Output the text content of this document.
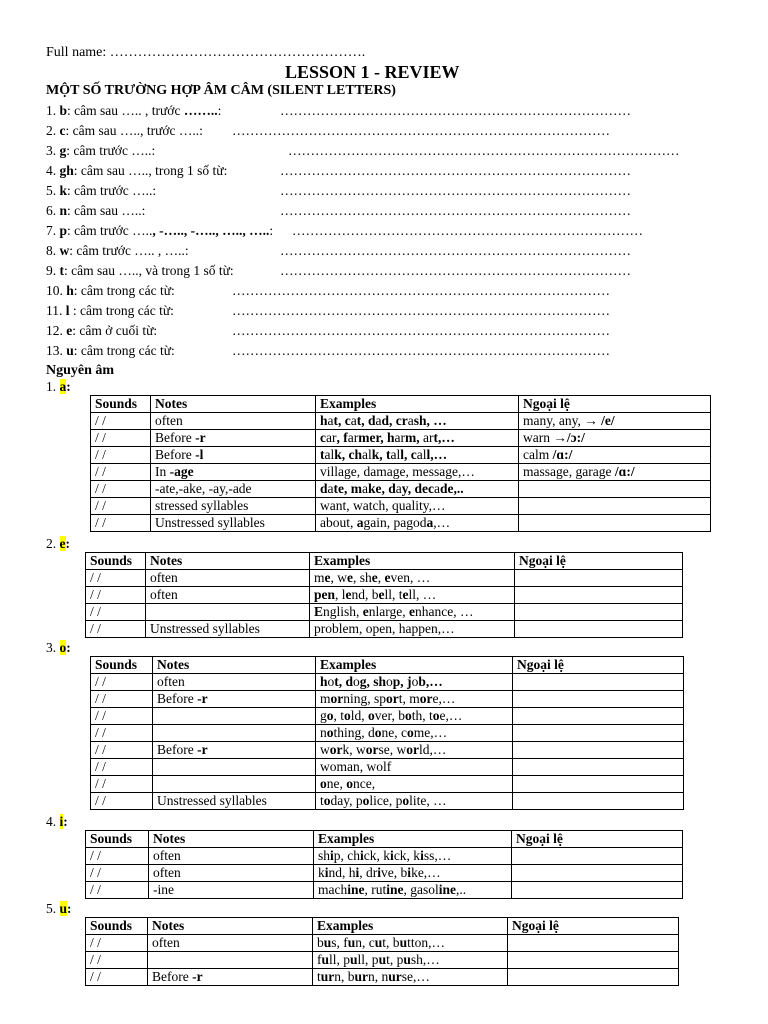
Full name: ……………………………………………….
LESSON 1 - REVIEW
MỘT SỐ TRƯỜNG HỢP ÂM CÂM (SILENT LETTERS)
1. b: câm sau ….. , trước ……..:	……………………………………………………………………
2. c: câm sau ….., trước …..: …………………………………………………………………………
3. g: câm trước …..:	……………………………………………………………………………
4. gh: câm sau ….., trong 1 số từ:	……………………………………………………………………
5. k: câm trước …..:	……………………………………………………………………
6. n: câm sau …..:	……………………………………………………………………
7. p: câm trước ….., -….., -….., ….., …..: ……………………………………………………………………
8. w: câm trước ….. , …..:	……………………………………………………………………
9. t: câm sau ….., và trong 1 số từ:	……………………………………………………………………
10. h: câm trong các từ:	…………………………………………………………………………
11. l : câm trong các từ:	…………………………………………………………………………
12. e: câm ở cuối từ:	…………………………………………………………………………
13. u: câm trong các từ:	…………………………………………………………………………
Nguyên âm
1. a:
Sounds	Notes	Examples	Ngoại lệ
/ /	often	hat, cat, dad, crash, …	many, any, → /e/
/ /	Before -r	car, farmer, harm, art,…	warn →/ɔ:/
/ /	Before -l	talk, chalk, tall, call,…	calm /ɑ:/
/ /	In -age	village, damage, message,…	massage, garage /ɑ:/
/ /	-ate,-ake, -ay,-ade	date, make, day, decade,..	
/ /	stressed syllables	want, watch, quality,…	
/ /	Unstressed syllables	about, again, pagoda,…	
2. e:
Sounds	Notes	Examples	Ngoại lệ
/ /	often	me, we, she, even, …	
/ /	often	pen, lend, bell, tell, …	
/ /		English, enlarge, enhance, …	
/ /	Unstressed syllables	problem, open, happen,…	
3. o:
Sounds	Notes	Examples	Ngoại lệ
/ /	often	hot, dog, shop, job,…	
/ /	Before -r	morning, sport, more,…	
/ /		go, told, over, both, toe,…	
/ /		nothing, done, come,…	
/ /	Before -r	work, worse, world,…	
/ /		woman, wolf	
/ /		one, once,	
/ /	Unstressed syllables	today, police, polite, …	
4. i:
Sounds	Notes	Examples	Ngoại lệ
/ /	often	ship, chick, kick, kiss,…	
/ /	often	kind, hi, drive, bike,…	
/ /	-ine	machine, rutine, gasoline,..	
5. u:
Sounds	Notes	Examples	Ngoại lệ
/ /	often	bus, fun, cut, button,…	
/ /		full, pull, put, push,…	
/ /	Before -r	turn, burn, nurse,…	
